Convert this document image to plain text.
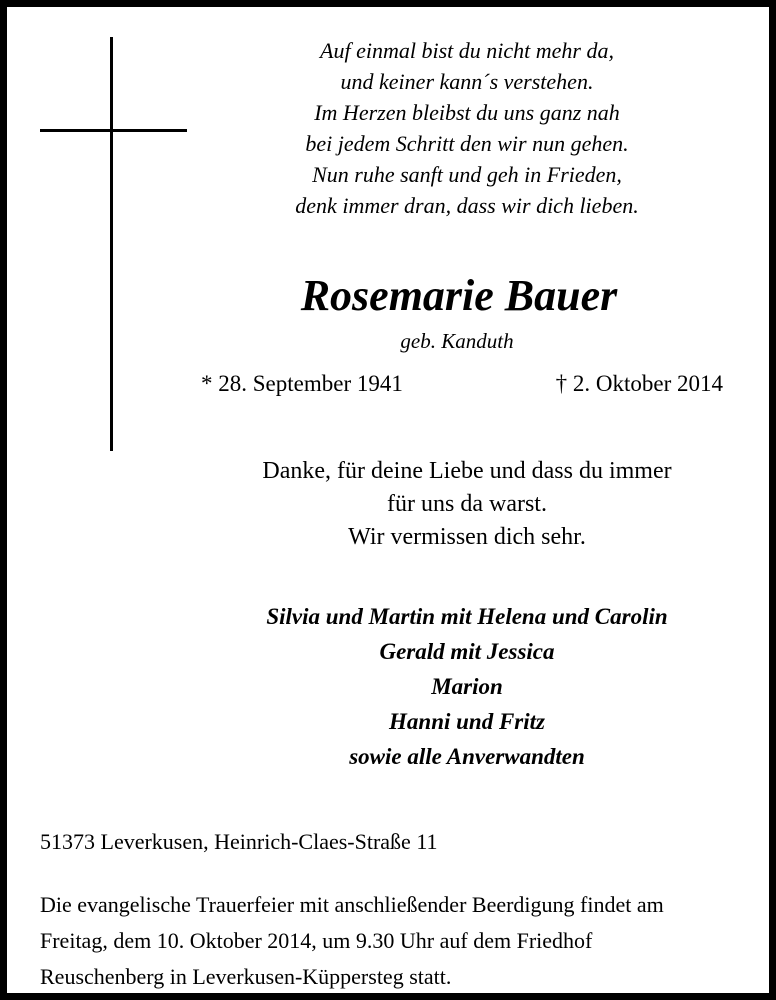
Auf einmal bist du nicht mehr da,
und keiner kann´s verstehen.
Im Herzen bleibst du uns ganz nah
bei jedem Schritt den wir nun gehen.
Nun ruhe sanft und geh in Frieden,
denk immer dran, dass wir dich lieben.
Rosemarie Bauer
geb. Kanduth
* 28. September 1941	† 2. Oktober 2014
Danke, für deine Liebe und dass du immer
für uns da warst.
Wir vermissen dich sehr.
Silvia und Martin mit Helena und Carolin
Gerald mit Jessica
Marion
Hanni und Fritz
sowie alle Anverwandten
51373 Leverkusen, Heinrich-Claes-Straße 11
Die evangelische Trauerfeier mit anschließender Beerdigung findet am
Freitag, dem 10. Oktober 2014, um 9.30 Uhr auf dem Friedhof
Reuschenberg in Leverkusen-Küppersteg statt.
